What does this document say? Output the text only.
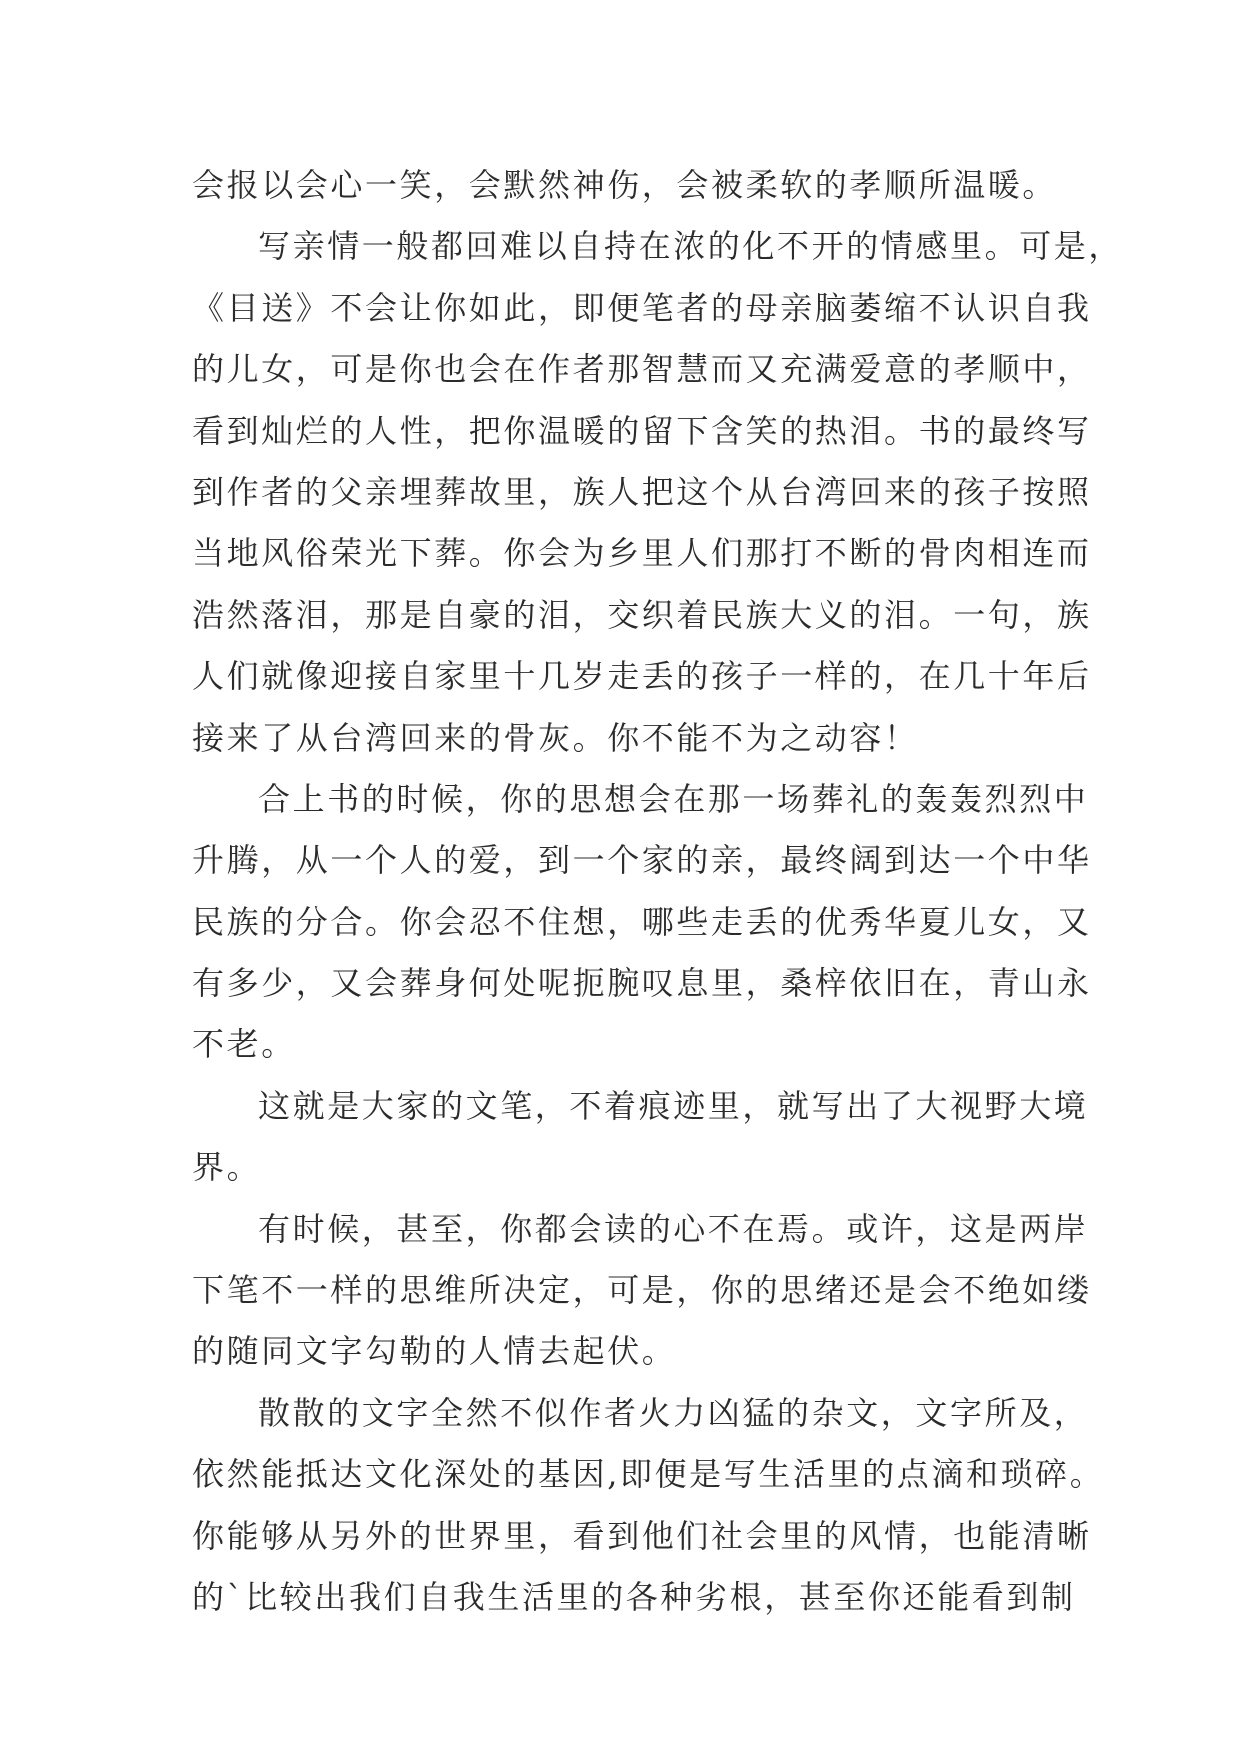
会报以会心一笑，会默然神伤，会被柔软的孝顺所温暖。
写亲情一般都回难以自持在浓的化不开的情感里。可是，
《目送》不会让你如此，即便笔者的母亲脑萎缩不认识自我
的儿女，可是你也会在作者那智慧而又充满爱意的孝顺中，
看到灿烂的人性，把你温暖的留下含笑的热泪。书的最终写
到作者的父亲埋葬故里，族人把这个从台湾回来的孩子按照
当地风俗荣光下葬。你会为乡里人们那打不断的骨肉相连而
浩然落泪，那是自豪的泪，交织着民族大义的泪。一句，族
人们就像迎接自家里十几岁走丢的孩子一样的，在几十年后
接来了从台湾回来的骨灰。你不能不为之动容！
合上书的时候，你的思想会在那一场葬礼的轰轰烈烈中
升腾，从一个人的爱，到一个家的亲，最终阔到达一个中华
民族的分合。你会忍不住想，哪些走丢的优秀华夏儿女，又
有多少，又会葬身何处呢扼腕叹息里，桑梓依旧在，青山永
不老。
这就是大家的文笔，不着痕迹里，就写出了大视野大境
界。
有时候，甚至，你都会读的心不在焉。或许，这是两岸
下笔不一样的思维所决定，可是，你的思绪还是会不绝如缕
的随同文字勾勒的人情去起伏。
散散的文字全然不似作者火力凶猛的杂文，文字所及，
依然能抵达文化深处的基因,即便是写生活里的点滴和琐碎。
你能够从另外的世界里，看到他们社会里的风情，也能清晰
的`比较出我们自我生活里的各种劣根，甚至你还能看到制
